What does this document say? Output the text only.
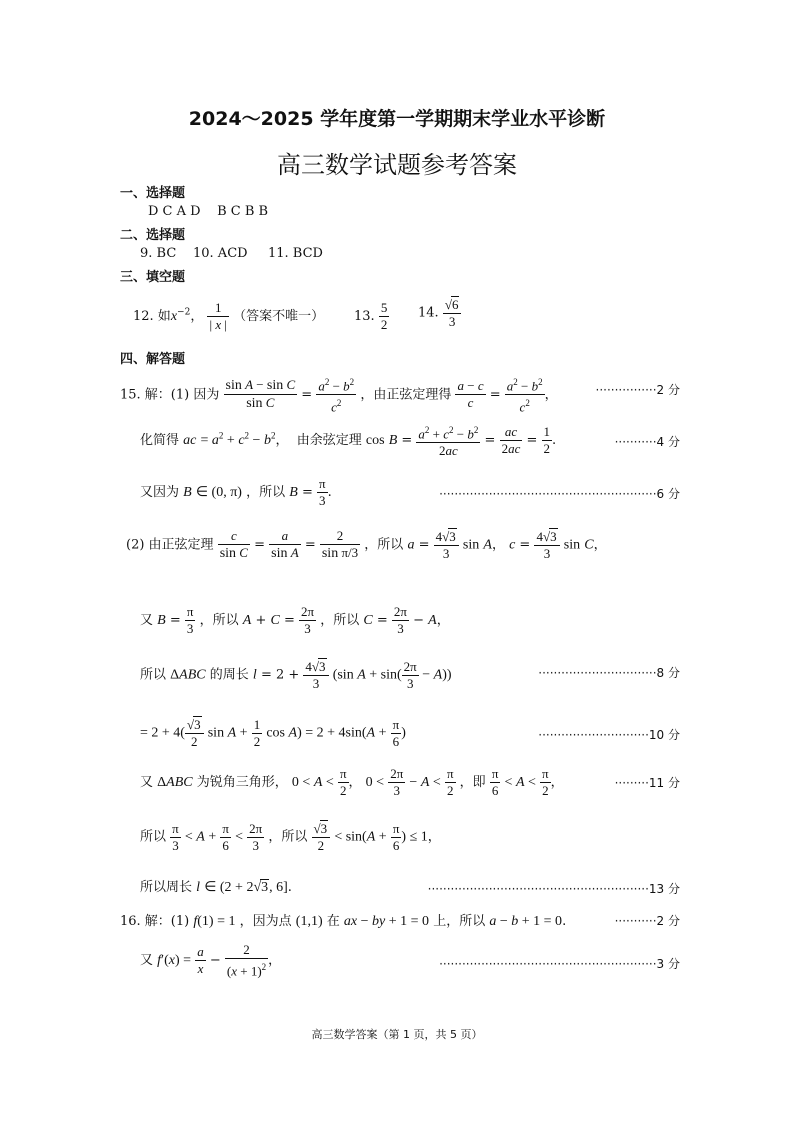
2024～2025 学年度第一学期期末学业水平诊断
高三数学试题参考答案
一、选择题
D C A D    B C B B
二、选择题
9. BC 10. ACD 11. BCD
三、填空题
12. 如$x^{-2}$， $\frac{1}{| x |}$ （答案不唯一） 13. $\frac{5}{2} 14$. $\frac{√6}{3}$
四、解答题
15. 解：(1) 因为 $\frac{\text{sin A − sin C}}{\text{sin C}} = \frac{a^2 - b^2}{c^2}$ ，由正弦定理得 $\frac{a - c}{c} = \frac{a^2 - b^2}{c^2}$ ，	················2 分
化简得 ac = $a^2 + c^2 - b^2$，  由余弦定理 $\cos B = \frac{a^2 + c^2 - b^2}{2ac} = \frac{ac}{2ac} = \frac{1}{2}$ .	···········4 分
又因为 B ∈ (0, π) ，所以 $B = \frac{\pi}{3}$ .	·························································6 分
(2) 由正弦定理 $\frac{c}{\text{sin C}} = \frac{a}{\text{sin A}} = \frac{2}{\text{sin π/3}}$ ，所以 $a = \frac{4√3}{3}$ sin A， $c = \frac{4√3}{3}$ sin C，
又 $B = \frac{\pi}{3}$ ，所以 $A + C = \frac{2\pi}{3}$ ，所以 $C = \frac{2\pi}{3} - A$，
所以 ΔABC 的周长 $l = 2 + \frac{4√3}{3} (\sin$ $A + \sin( \frac{2\pi}{3} - A)$)	·······························8 分
= $2 + 4( \frac{√3}{2}$ $\sin A + \frac{1}{2}$ $\cos A) = 2 + 4\sin(A + \frac{\pi}{6}$ )	·····························10 分
又 ΔABC 为锐角三角形， $0 < A < \frac{\pi}{2}$ ， $0 < \frac{2\pi}{3} - A < \frac{\pi}{2}$ ，即 $\frac{\pi}{6} < A < \frac{\pi}{2}$ ，	·········11 分
所以 $\frac{\pi}{3} < A + \frac{\pi}{6} < \frac{2\pi}{3}$ ，所以 $\frac{√3}{2} < \sin(A + \frac{\pi}{6}$ ) ≤ 1，
所以周长 l ∈ (2 + 2√3, 6].	··························································13 分
16. 解：(1) f(1) = 1 ，因为点 (1,1) 在 ax − by + 1 = 0 上，所以 a − b + 1 = 0.	···········2 分
又 $f'(x) = \frac{a}{x} - \frac{2}{(x + 1)^2}$ ，	·························································3 分
高三数学答案（第 1 页，共 5 页）
